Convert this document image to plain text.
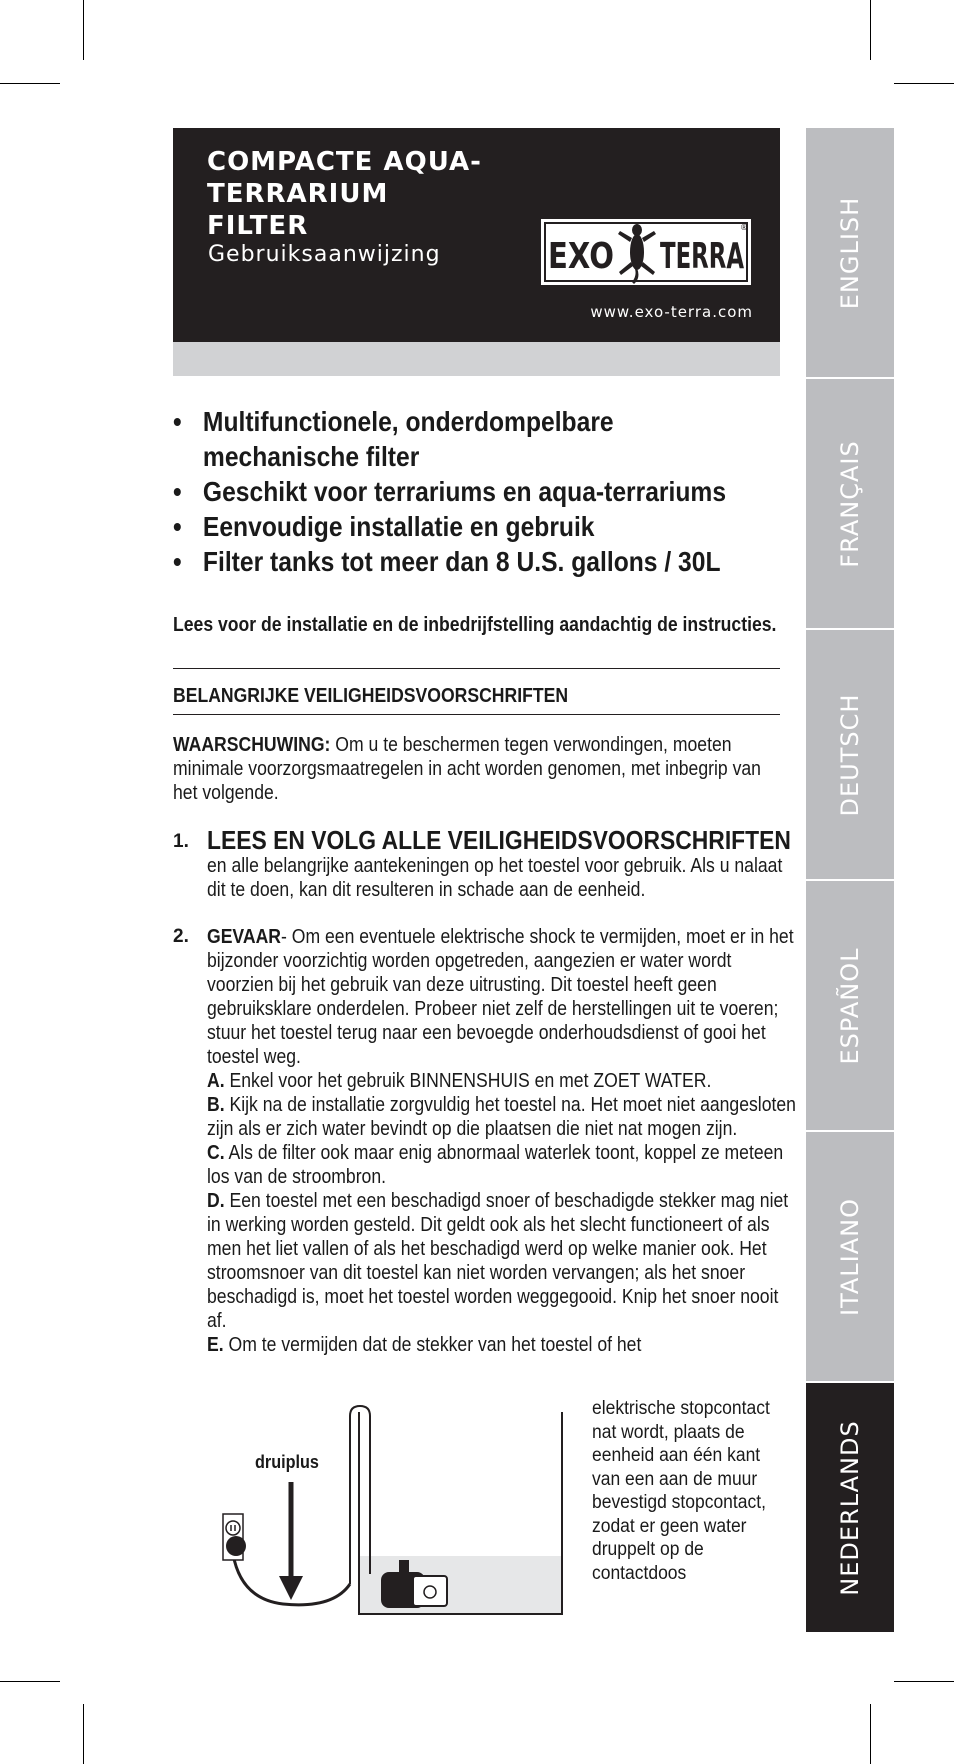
COMPACTE AQUA-
TERRARIUM
FILTER
Gebruiksaanwijzing	EXO TERRA
®
www.exo-terra.com
ENGLISH
FRANÇAIS
DEUTSCH
ESPAÑOL
ITALIANO
NEDERLANDS
• Multifunctionele, onderdompelbare mechanische filter
• Geschikt voor terrariums en aqua-terrariums
• Eenvoudige installatie en gebruik
• Filter tanks tot meer dan 8 U.S. gallons / 30L
Lees voor de installatie en de inbedrijfstelling aandachtig de instructies.
BELANGRIJKE VEILIGHEIDSVOORSCHRIFTEN
WAARSCHUWING: Om u te beschermen tegen verwondingen, moeten minimale voorzorgsmaatregelen in acht worden genomen, met inbegrip van het volgende.
1. LEES EN VOLG ALLE VEILIGHEIDSVOORSCHRIFTEN
en alle belangrijke aantekeningen op het toestel voor gebruik. Als u nalaat dit te doen, kan dit resulteren in schade aan de eenheid.
2. GEVAAR- Om een eventuele elektrische shock te vermijden, moet er in het bijzonder voorzichtig worden opgetreden, aangezien er water wordt voorzien bij het gebruik van deze uitrusting. Dit toestel heeft geen gebruiksklare onderdelen. Probeer niet zelf de herstellingen uit te voeren; stuur het toestel terug naar een bevoegde onderhoudsdienst of gooi het toestel weg.
A. Enkel voor het gebruik BINNENSHUIS en met ZOET WATER.
B. Kijk na de installatie zorgvuldig het toestel na. Het moet niet aangesloten zijn als er zich water bevindt op die plaatsen die niet nat mogen zijn.
C. Als de filter ook maar enig abnormaal waterlek toont, koppel ze meteen los van de stroombron.
D. Een toestel met een beschadigd snoer of beschadigde stekker mag niet in werking worden gesteld. Dit geldt ook als het slecht functioneert of als men het liet vallen of als het beschadigd werd op welke manier ook. Het stroomsnoer van dit toestel kan niet worden vervangen; als het snoer beschadigd is, moet het toestel worden weggegooid. Knip het snoer nooit af.
E. Om te vermijden dat de stekker van het toestel of het
druiplus
elektrische stopcontact nat wordt, plaats de eenheid aan één kant van een aan de muur bevestigd stopcontact, zodat er geen water druppelt op de contactdoos
